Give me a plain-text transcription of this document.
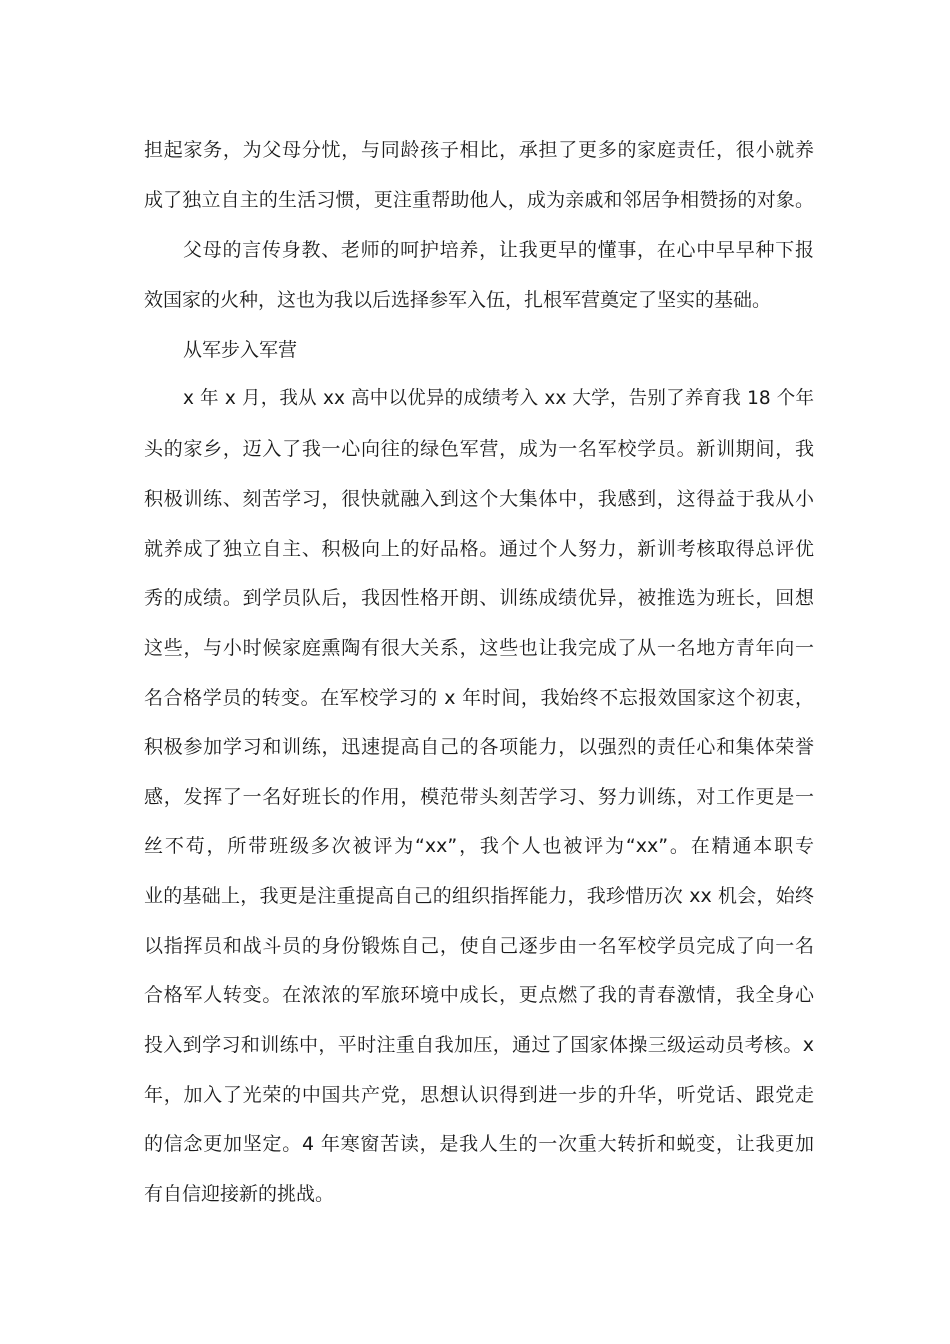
担起家务，为父母分忧，与同龄孩子相比，承担了更多的家庭责任，很小就养
成了独立自主的生活习惯，更注重帮助他人，成为亲戚和邻居争相赞扬的对象。
父母的言传身教、老师的呵护培养，让我更早的懂事，在心中早早种下报
效国家的火种，这也为我以后选择参军入伍，扎根军营奠定了坚实的基础。
从军步入军营
x 年 x 月，我从 xx 高中以优异的成绩考入 xx 大学，告别了养育我 18 个年
头的家乡，迈入了我一心向往的绿色军营，成为一名军校学员。新训期间，我
积极训练、刻苦学习，很快就融入到这个大集体中，我感到，这得益于我从小
就养成了独立自主、积极向上的好品格。通过个人努力，新训考核取得总评优
秀的成绩。到学员队后，我因性格开朗、训练成绩优异，被推选为班长，回想
这些，与小时候家庭熏陶有很大关系，这些也让我完成了从一名地方青年向一
名合格学员的转变。在军校学习的 x 年时间，我始终不忘报效国家这个初衷，
积极参加学习和训练，迅速提高自己的各项能力，以强烈的责任心和集体荣誉
感，发挥了一名好班长的作用，模范带头刻苦学习、努力训练，对工作更是一
丝不苟，所带班级多次被评为“xx”，我个人也被评为“xx”。在精通本职专
业的基础上，我更是注重提高自己的组织指挥能力，我珍惜历次 xx 机会，始终
以指挥员和战斗员的身份锻炼自己，使自己逐步由一名军校学员完成了向一名
合格军人转变。在浓浓的军旅环境中成长，更点燃了我的青春激情，我全身心
投入到学习和训练中，平时注重自我加压，通过了国家体操三级运动员考核。x
年，加入了光荣的中国共产党，思想认识得到进一步的升华，听党话、跟党走
的信念更加坚定。4 年寒窗苦读，是我人生的一次重大转折和蜕变，让我更加
有自信迎接新的挑战。
